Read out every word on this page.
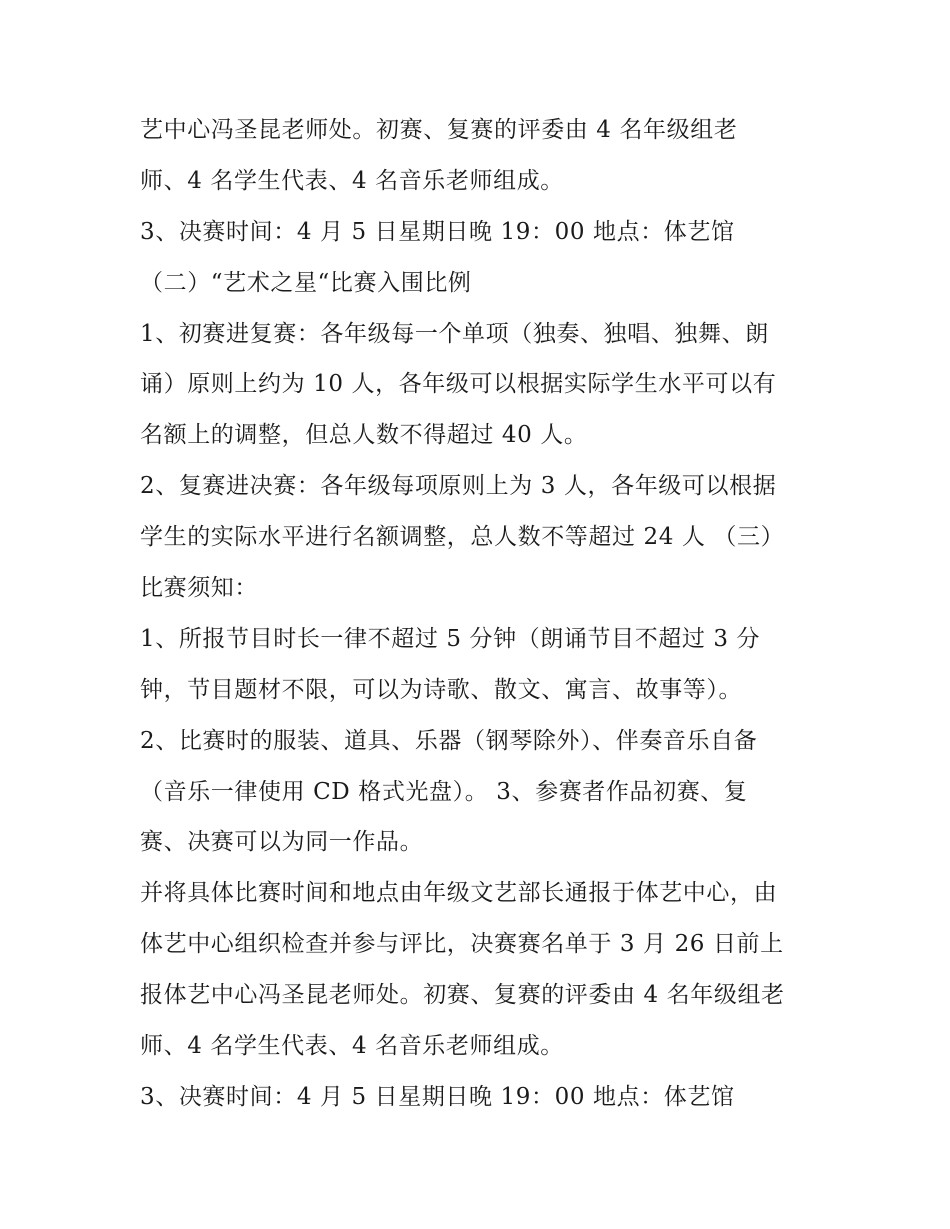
艺中心冯圣昆老师处。初赛、复赛的评委由 4 名年级组老
师、4 名学生代表、4 名音乐老师组成。
3、决赛时间：4 月 5 日星期日晚 19：00 地点：体艺馆
（二）“艺术之星“比赛入围比例
1、初赛进复赛：各年级每一个单项（独奏、独唱、独舞、朗
诵）原则上约为 10 人，各年级可以根据实际学生水平可以有
名额上的调整，但总人数不得超过 40 人。
2、复赛进决赛：各年级每项原则上为 3 人，各年级可以根据
学生的实际水平进行名额调整，总人数不等超过 24 人 （三）
比赛须知：
1、所报节目时长一律不超过 5 分钟（朗诵节目不超过 3 分
钟，节目题材不限，可以为诗歌、散文、寓言、故事等）。
2、比赛时的服装、道具、乐器（钢琴除外）、伴奏音乐自备
（音乐一律使用 CD 格式光盘）。 3、参赛者作品初赛、复
赛、决赛可以为同一作品。
并将具体比赛时间和地点由年级文艺部长通报于体艺中心，由
体艺中心组织检查并参与评比，决赛赛名单于 3 月 26 日前上
报体艺中心冯圣昆老师处。初赛、复赛的评委由 4 名年级组老
师、4 名学生代表、4 名音乐老师组成。
3、决赛时间：4 月 5 日星期日晚 19：00 地点：体艺馆
